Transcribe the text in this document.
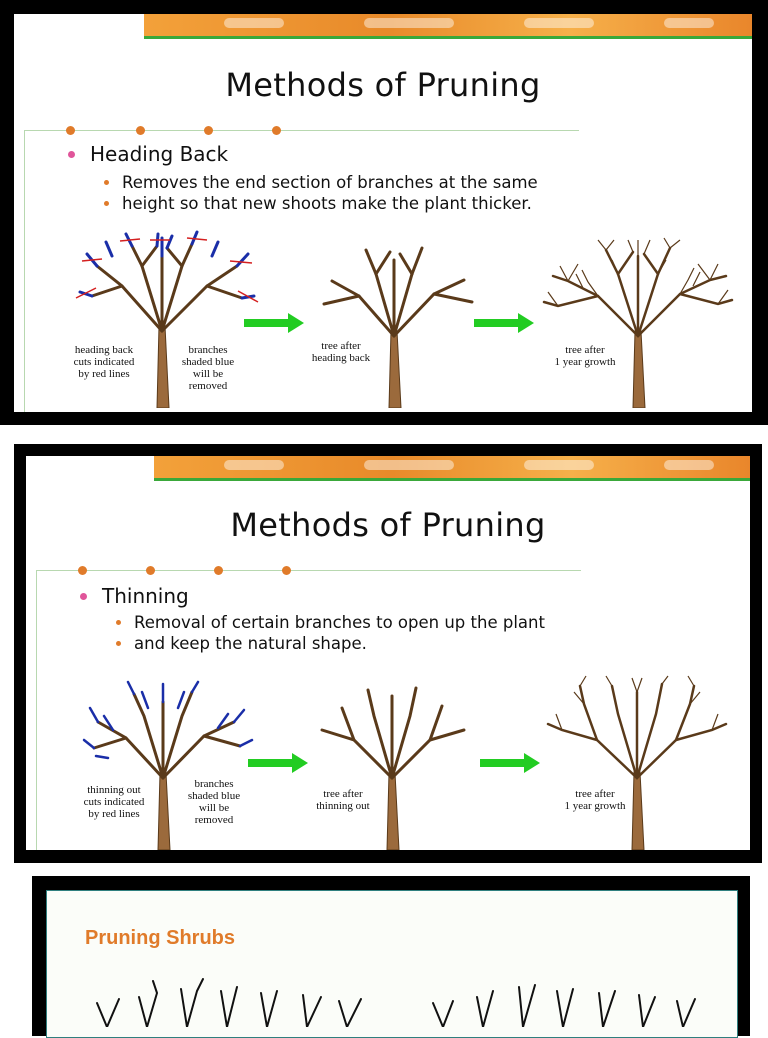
Methods of Pruning
Heading Back
Removes the end section of branches at the same
height so that new shoots make the plant thicker.
heading back
cuts indicated
by red lines
branches
shaded blue
will be
removed
tree after
heading back
tree after
1 year growth
Methods of Pruning
Thinning
Removal of certain branches to open up the plant
and keep the natural shape.
thinning out
cuts indicated
by red lines
branches
shaded blue
will be
removed
tree after
thinning out
tree after
1 year growth
Pruning Shrubs
